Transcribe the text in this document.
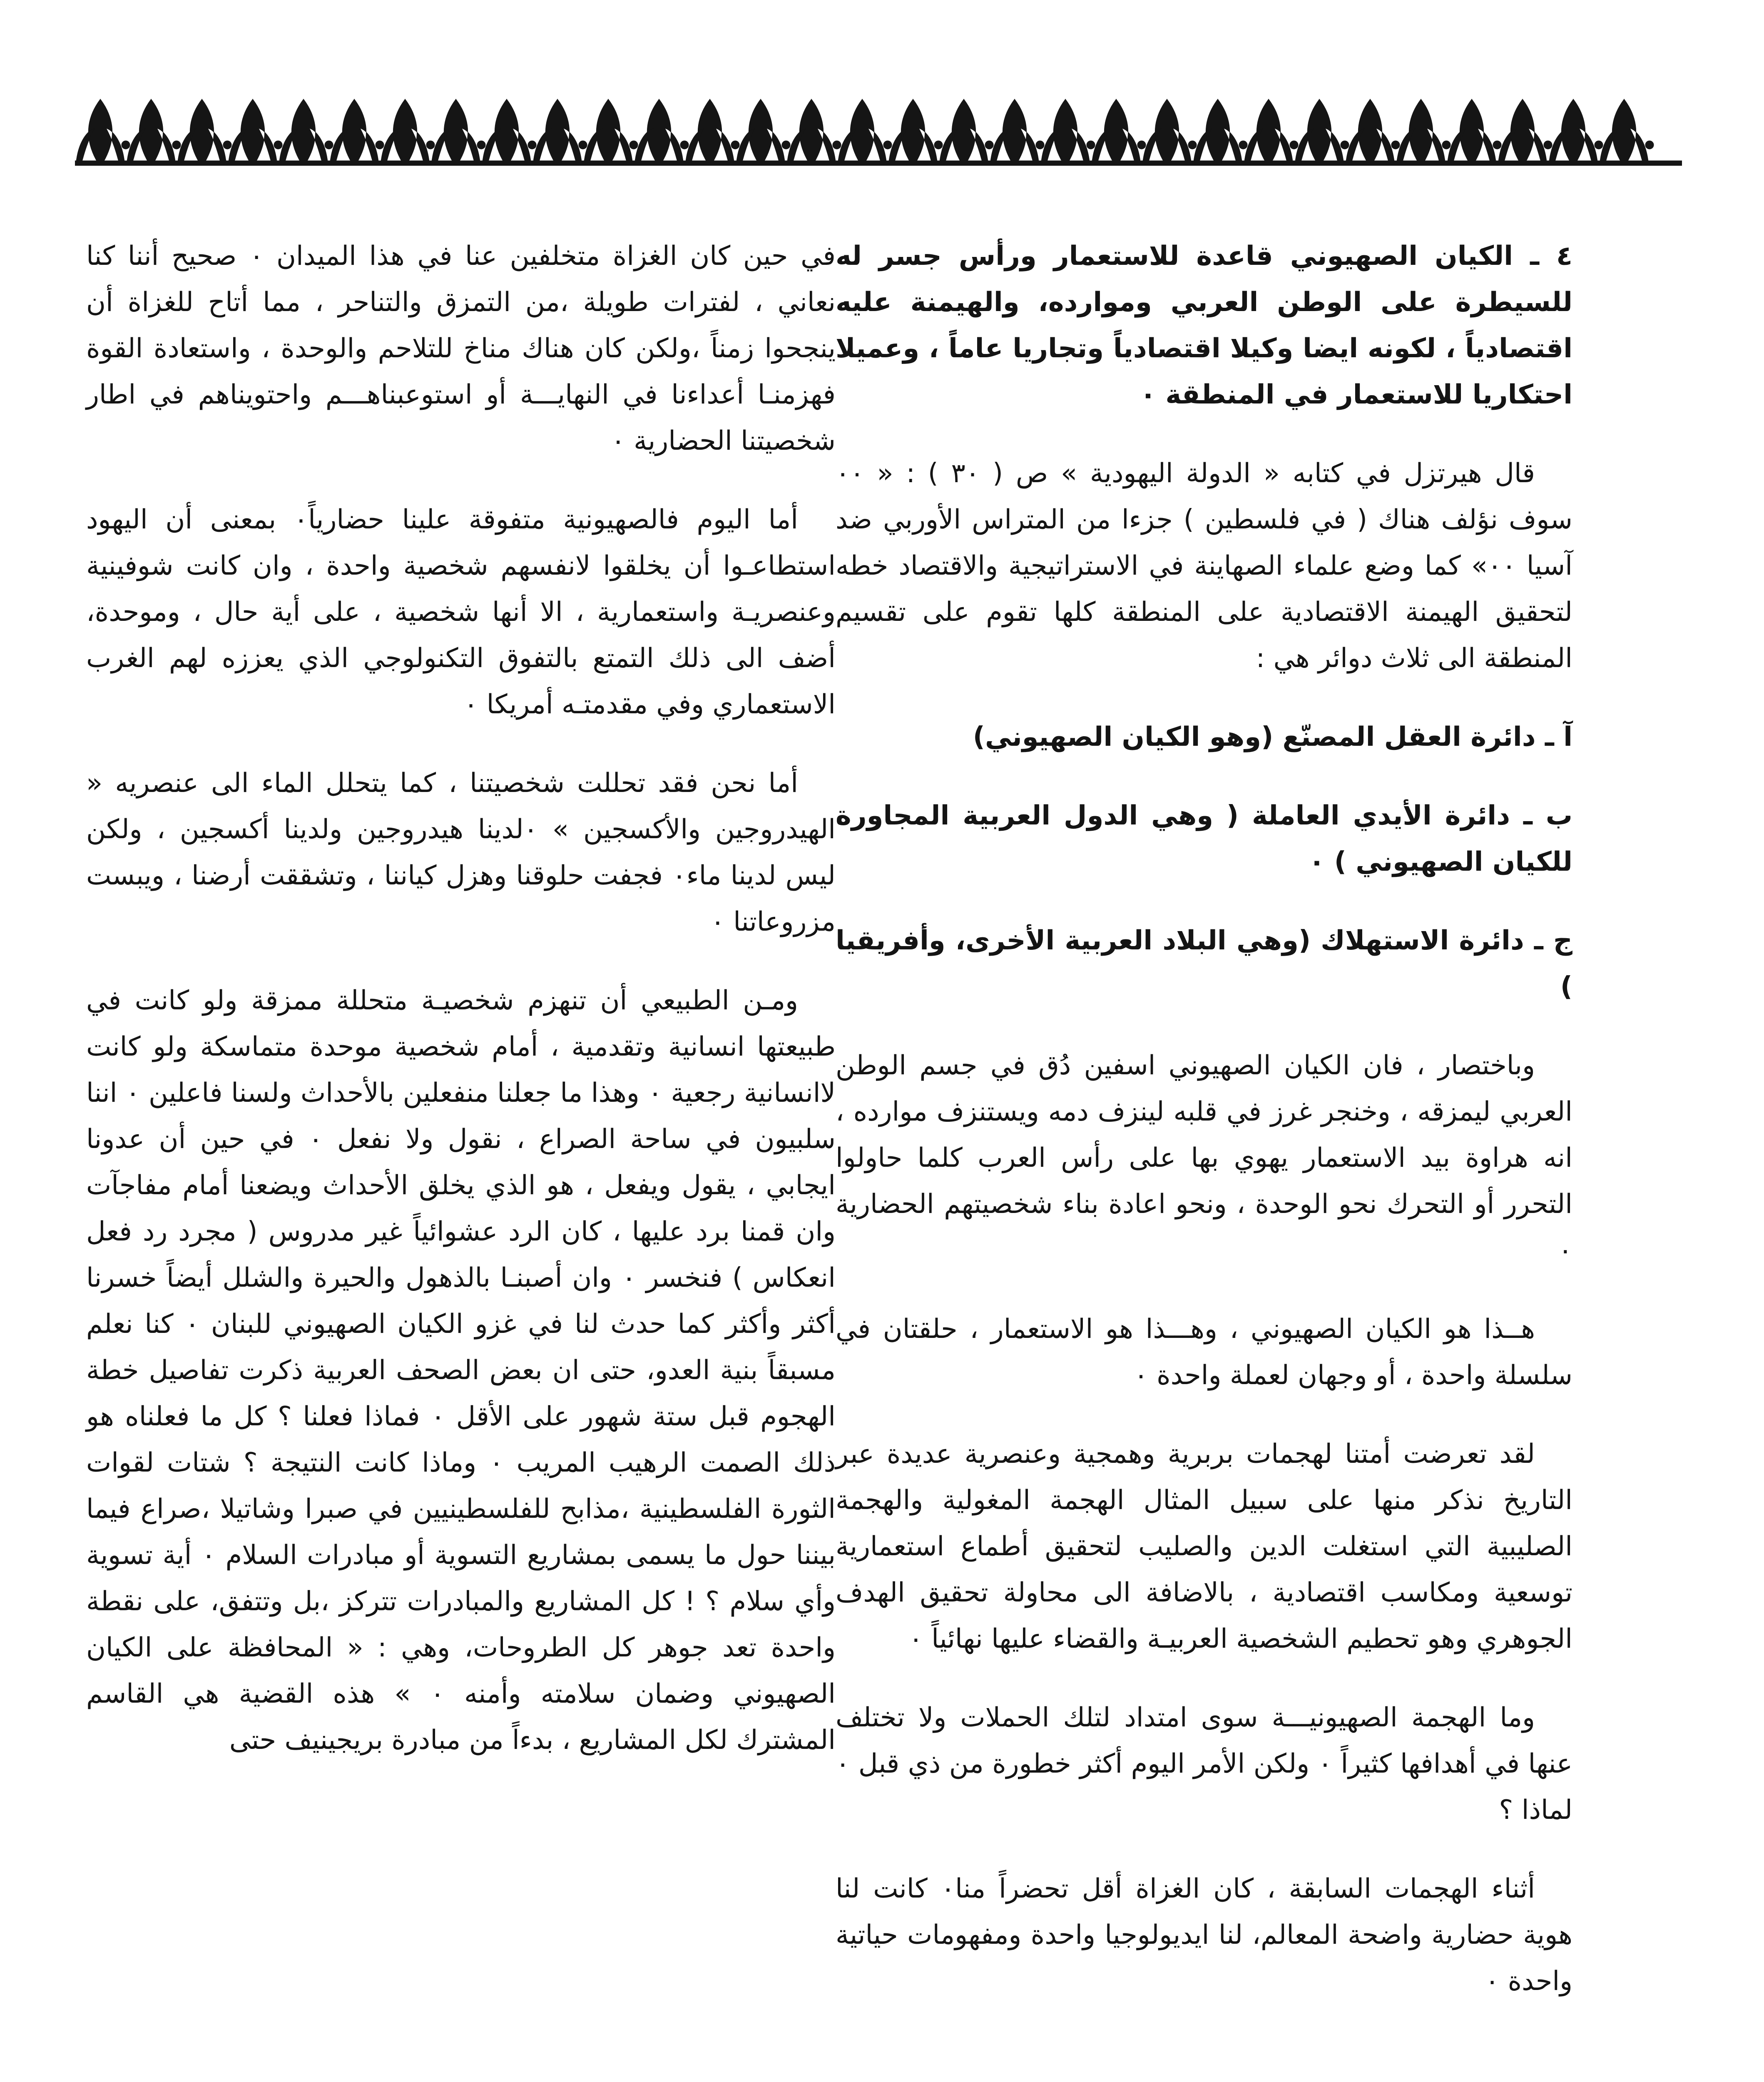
٤ ـ الكيان الصهيوني قاعدة للاستعمار ورأس جسر له للسيطرة على الوطن العربي وموارده، والهيمنة عليه اقتصادياً ، لكونه ايضا وكيلا اقتصادياً وتجاريا عاماً ، وعميلا احتكاريا للاستعمار في المنطقة ٠

قال هيرتزل في كتابه « الدولة اليهودية » ص ( ٣٠ ) : « ٠٠ سوف نؤلف هناك ( في فلسطين ) جزءا من المتراس الأوربي ضد آسيا ٠٠» كما وضع علماء الصهاينة في الاستراتيجية والاقتصاد خطه لتحقيق الهيمنة الاقتصادية على المنطقة كلها تقوم على تقسيم المنطقة الى ثلاث دوائر هي :

آ ـ دائرة العقل المصنّع (وهو الكيان الصهيوني)

ب ـ دائرة الأيدي العاملة ( وهي الدول العربية المجاورة للكيان الصهيوني ) ٠

ج ـ دائرة الاستهلاك (وهي البلاد العربية الأخرى، وأفريقيا )

وباختصار ، فان الكيان الصهيوني اسفين دُق في جسم الوطن العربي ليمزقه ، وخنجر غرز في قلبه لينزف دمه ويستنزف موارده ، انه هراوة بيد الاستعمار يهوي بها على رأس العرب كلما حاولوا التحرر أو التحرك نحو الوحدة ، ونحو اعادة بناء شخصيتهم الحضارية ٠

هــذا هو الكيان الصهيوني ، وهـــذا هو الاستعمار ، حلقتان في سلسلة واحدة ، أو وجهان لعملة واحدة ٠

لقد تعرضت أمتنا لهجمات بربرية وهمجية وعنصرية عديدة عبر التاريخ نذكر منها على سبيل المثال الهجمة المغولية والهجمة الصليبية التي استغلت الدين والصليب لتحقيق أطماع استعمارية توسعية ومكاسب اقتصادية ، بالاضافة الى محاولة تحقيق الهدف الجوهري وهو تحطيم الشخصية العربيـة والقضاء عليها نهائياً ٠

وما الهجمة الصهيونيـــة سوى امتداد لتلك الحملات ولا تختلف عنها في أهدافها كثيراً ٠ ولكن الأمر اليوم أكثر خطورة من ذي قبل ٠ لماذا ؟

أثناء الهجمات السابقة ، كان الغزاة أقل تحضراً منا٠ كانت لنا هوية حضارية واضحة المعالم، لنا ايديولوجيا واحدة ومفهومات حياتية واحدة ٠

في حين كان الغزاة متخلفين عنا في هذا الميدان ٠ صحيح أننا كنا نعاني ، لفترات طويلة ،من التمزق والتناحر ، مما أتاح للغزاة أن ينجحوا زمناً ،ولكن كان هناك مناخ للتلاحم والوحدة ، واستعادة القوة فهزمنـا أعداءنا في النهايـــة أو استوعبناهـــم واحتويناهم في اطار شخصيتنا الحضارية ٠

أما اليوم فالصهيونية متفوقة علينا حضارياً٠ بمعنى أن اليهود استطاعـوا أن يخلقوا لانفسهم شخصية واحدة ، وان كانت شوفينية وعنصريـة واستعمارية ، الا أنها شخصية ، على أية حال ، وموحدة، أضف الى ذلك التمتع بالتفوق التكنولوجي الذي يعززه لهم الغرب الاستعماري وفي مقدمتـه أمريكا ٠

أما نحن فقد تحللت شخصيتنا ، كما يتحلل الماء الى عنصريه « الهيدروجين والأكسجين » ٠لدينا هيدروجين ولدينا أكسجين ، ولكن ليس لدينا ماء٠ فجفت حلوقنا وهزل كياننا ، وتشققت أرضنا ، ويبست مزروعاتنا ٠

ومـن الطبيعي أن تنهزم شخصيـة متحللة ممزقة ولو كانت في طبيعتها انسانية وتقدمية ، أمام شخصية موحدة متماسكة ولو كانت لاانسانية رجعية ٠ وهذا ما جعلنا منفعلين بالأحداث ولسنا فاعلين ٠ اننا سلبيون في ساحة الصراع ، نقول ولا نفعل ٠ في حين أن عدونا ايجابي ، يقول ويفعل ، هو الذي يخلق الأحداث ويضعنا أمام مفاجآت وان قمنا برد عليها ، كان الرد عشوائياً غير مدروس ( مجرد رد فعل انعكاس ) فنخسر ٠ وان أصبنـا بالذهول والحيرة والشلل أيضاً خسرنا أكثر وأكثر كما حدث لنا في غزو الكيان الصهيوني للبنان ٠ كنا نعلم مسبقاً بنية العدو، حتى ان بعض الصحف العربية ذكرت تفاصيل خطة الهجوم قبل ستة شهور على الأقل ٠ فماذا فعلنا ؟ كل ما فعلناه هو ذلك الصمت الرهيب المريب ٠ وماذا كانت النتيجة ؟ شتات لقوات الثورة الفلسطينية ،مذابح للفلسطينيين في صبرا وشاتيلا ،صراع فيما بيننا حول ما يسمى بمشاريع التسوية أو مبادرات السلام ٠ أية تسوية وأي سلام ؟ ! كل المشاريع والمبادرات تتركز ،بل وتتفق، على نقطة واحدة تعد جوهر كل الطروحات، وهي : « المحافظة على الكيان الصهيوني وضمان سلامته وأمنه ٠ » هذه القضية هي القاسم المشترك لكل المشاريع ، بدءاً من مبادرة بريجينيف حتى
